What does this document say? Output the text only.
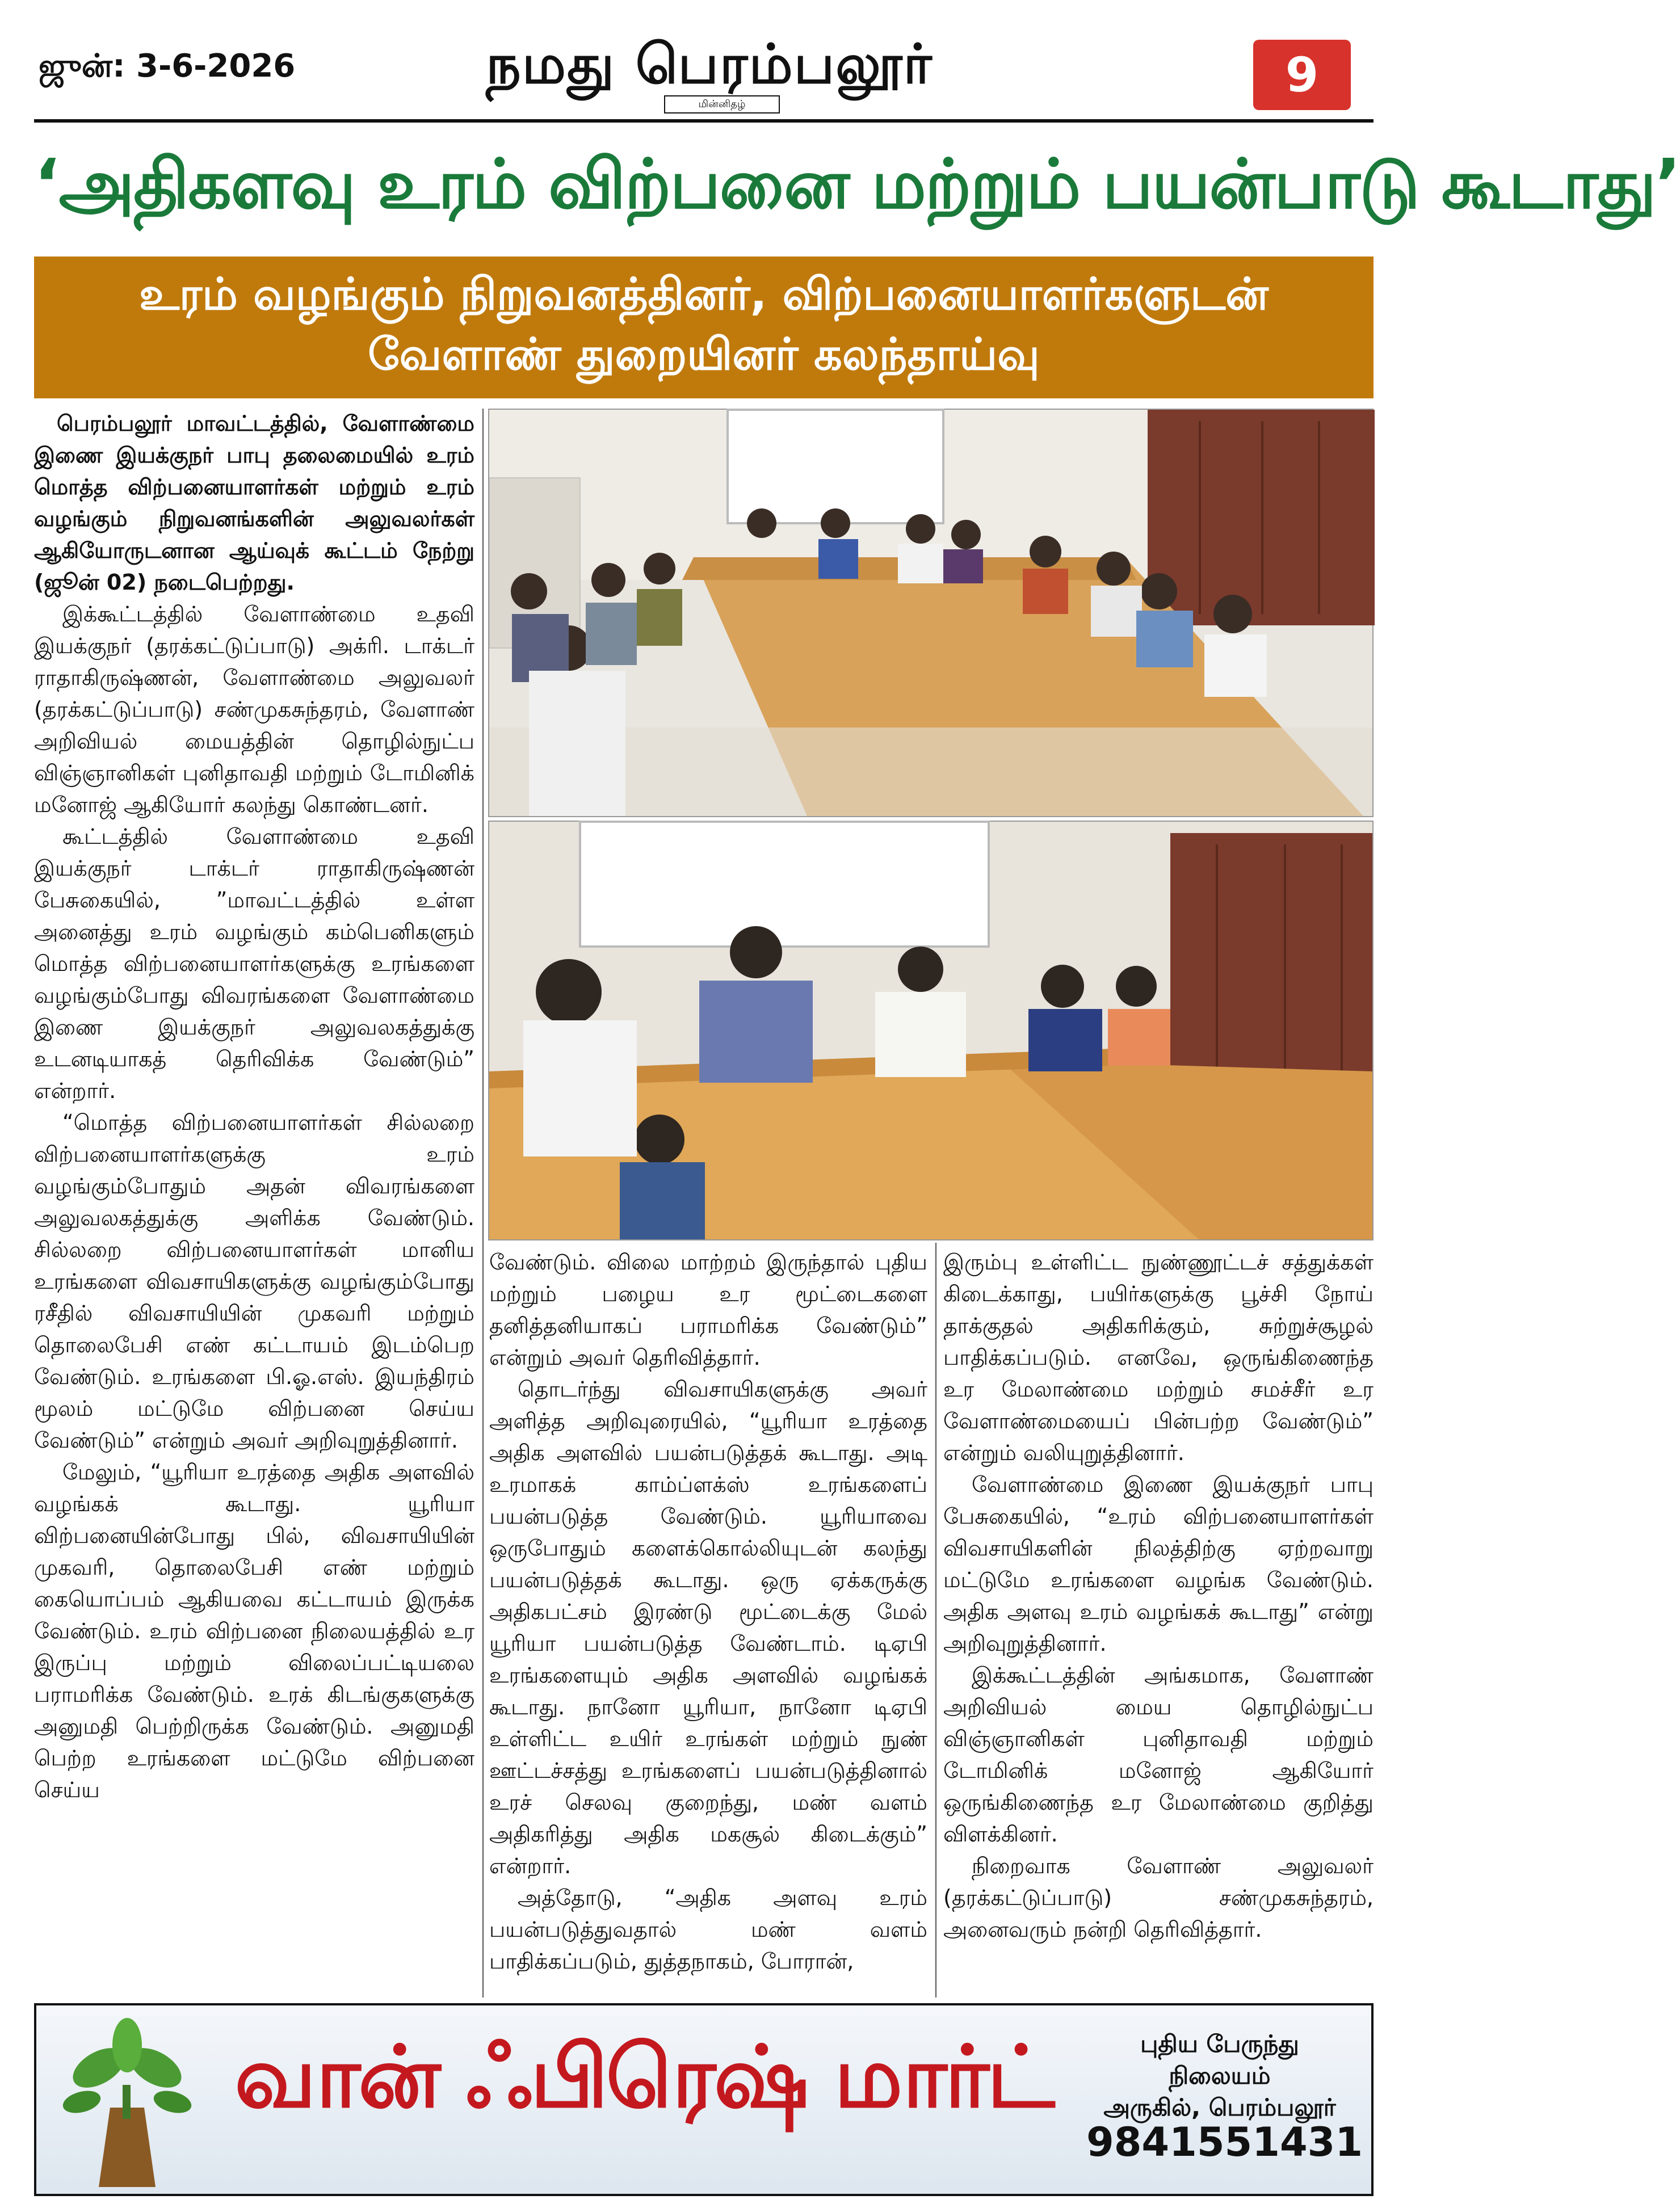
ஜுன்: 3-6-2026	நமது பெரம்பலூர்
மின்னிதழ்
9
‘அதிகளவு உரம் விற்பனை மற்றும் பயன்பாடு கூடாது’
உரம் வழங்கும் நிறுவனத்தினர், விற்பனையாளர்களுடன்
வேளாண் துறையினர் கலந்தாய்வு

பெரம்பலூர் மாவட்டத்தில், வேளாண்மை இணை இயக்குநர் பாபு தலைமையில் உரம் மொத்த விற்பனையாளர்கள் மற்றும் உரம் வழங்கும் நிறுவனங்களின் அலுவலர்கள் ஆகியோருடனான ஆய்வுக் கூட்டம் நேற்று (ஜூன் 02) நடைபெற்றது.

இக்கூட்டத்தில் வேளாண்மை உதவி இயக்குநர் (தரக்கட்டுப்பாடு) அக்ரி. டாக்டர் ராதாகிருஷ்ணன், வேளாண்மை அலுவலர் (தரக்கட்டுப்பாடு) சண்முகசுந்தரம், வேளாண் அறிவியல் மையத்தின் தொழில்நுட்ப விஞ்ஞானிகள் புனிதாவதி மற்றும் டோமினிக் மனோஜ் ஆகியோர் கலந்து கொண்டனர்.

கூட்டத்தில் வேளாண்மை உதவி இயக்குநர் டாக்டர் ராதாகிருஷ்ணன் பேசுகையில், ”மாவட்டத்தில் உள்ள அனைத்து உரம் வழங்கும் கம்பெனிகளும் மொத்த விற்பனையாளர்களுக்கு உரங்களை வழங்கும்போது விவரங்களை வேளாண்மை இணை இயக்குநர் அலுவலகத்துக்கு உடனடியாகத் தெரிவிக்க வேண்டும்” என்றார்.

“மொத்த விற்பனையாளர்கள் சில்லறை விற்பனையாளர்களுக்கு உரம் வழங்கும்போதும் அதன் விவரங்களை அலுவலகத்துக்கு அளிக்க வேண்டும். சில்லறை விற்பனையாளர்கள் மானிய உரங்களை விவசாயிகளுக்கு வழங்கும்போது ரசீதில் விவசாயியின் முகவரி மற்றும் தொலைபேசி எண் கட்டாயம் இடம்பெற வேண்டும். உரங்களை பி.ஓ.எஸ். இயந்திரம் மூலம் மட்டுமே விற்பனை செய்ய வேண்டும்” என்றும் அவர் அறிவுறுத்தினார்.

மேலும், “யூரியா உரத்தை அதிக அளவில் வழங்கக் கூடாது. யூரியா விற்பனையின்போது பில், விவசாயியின் முகவரி, தொலைபேசி எண் மற்றும் கையொப்பம் ஆகியவை கட்டாயம் இருக்க வேண்டும். உரம் விற்பனை நிலையத்தில் உர இருப்பு மற்றும் விலைப்பட்டியலை பராமரிக்க வேண்டும். உரக் கிடங்குகளுக்கு அனுமதி பெற்றிருக்க வேண்டும். அனுமதி பெற்ற உரங்களை மட்டுமே விற்பனை செய்ய

வேண்டும். விலை மாற்றம் இருந்தால் புதிய மற்றும் பழைய உர மூட்டைகளை தனித்தனியாகப் பராமரிக்க வேண்டும்” என்றும் அவர் தெரிவித்தார்.

தொடர்ந்து விவசாயிகளுக்கு அவர் அளித்த அறிவுரையில், “யூரியா உரத்தை அதிக அளவில் பயன்படுத்தக் கூடாது. அடி உரமாகக் காம்ப்ளக்ஸ் உரங்களைப் பயன்படுத்த வேண்டும். யூரியாவை ஒருபோதும் களைக்கொல்லியுடன் கலந்து பயன்படுத்தக் கூடாது. ஒரு ஏக்கருக்கு அதிகபட்சம் இரண்டு மூட்டைக்கு மேல் யூரியா பயன்படுத்த வேண்டாம். டிஏபி உரங்களையும் அதிக அளவில் வழங்கக் கூடாது. நானோ யூரியா, நானோ டிஏபி உள்ளிட்ட உயிர் உரங்கள் மற்றும் நுண் ஊட்டச்சத்து உரங்களைப் பயன்படுத்தினால் உரச் செலவு குறைந்து, மண் வளம் அதிகரித்து அதிக மகசூல் கிடைக்கும்” என்றார்.

அத்தோடு, “அதிக அளவு உரம் பயன்படுத்துவதால் மண் வளம் பாதிக்கப்படும், துத்தநாகம், போரான்,

இரும்பு உள்ளிட்ட நுண்ணூட்டச் சத்துக்கள் கிடைக்காது, பயிர்களுக்கு பூச்சி நோய் தாக்குதல் அதிகரிக்கும், சுற்றுச்சூழல் பாதிக்கப்படும். எனவே, ஒருங்கிணைந்த உர மேலாண்மை மற்றும் சமச்சீர் உர வேளாண்மையைப் பின்பற்ற வேண்டும்” என்றும் வலியுறுத்தினார்.

வேளாண்மை இணை இயக்குநர் பாபு பேசுகையில், “உரம் விற்பனையாளர்கள் விவசாயிகளின் நிலத்திற்கு ஏற்றவாறு மட்டுமே உரங்களை வழங்க வேண்டும். அதிக அளவு உரம் வழங்கக் கூடாது” என்று அறிவுறுத்தினார்.

இக்கூட்டத்தின் அங்கமாக, வேளாண் அறிவியல் மைய தொழில்நுட்ப விஞ்ஞானிகள் புனிதாவதி மற்றும் டோமினிக் மனோஜ் ஆகியோர் ஒருங்கிணைந்த உர மேலாண்மை குறித்து விளக்கினர்.

நிறைவாக வேளாண் அலுவலர் (தரக்கட்டுப்பாடு) சண்முகசுந்தரம், அனைவரும் நன்றி தெரிவித்தார்.

வான் ஃபிரெஷ் மார்ட்	புதிய பேருந்து நிலையம்
அருகில், பெரம்பலூர்
9841551431
